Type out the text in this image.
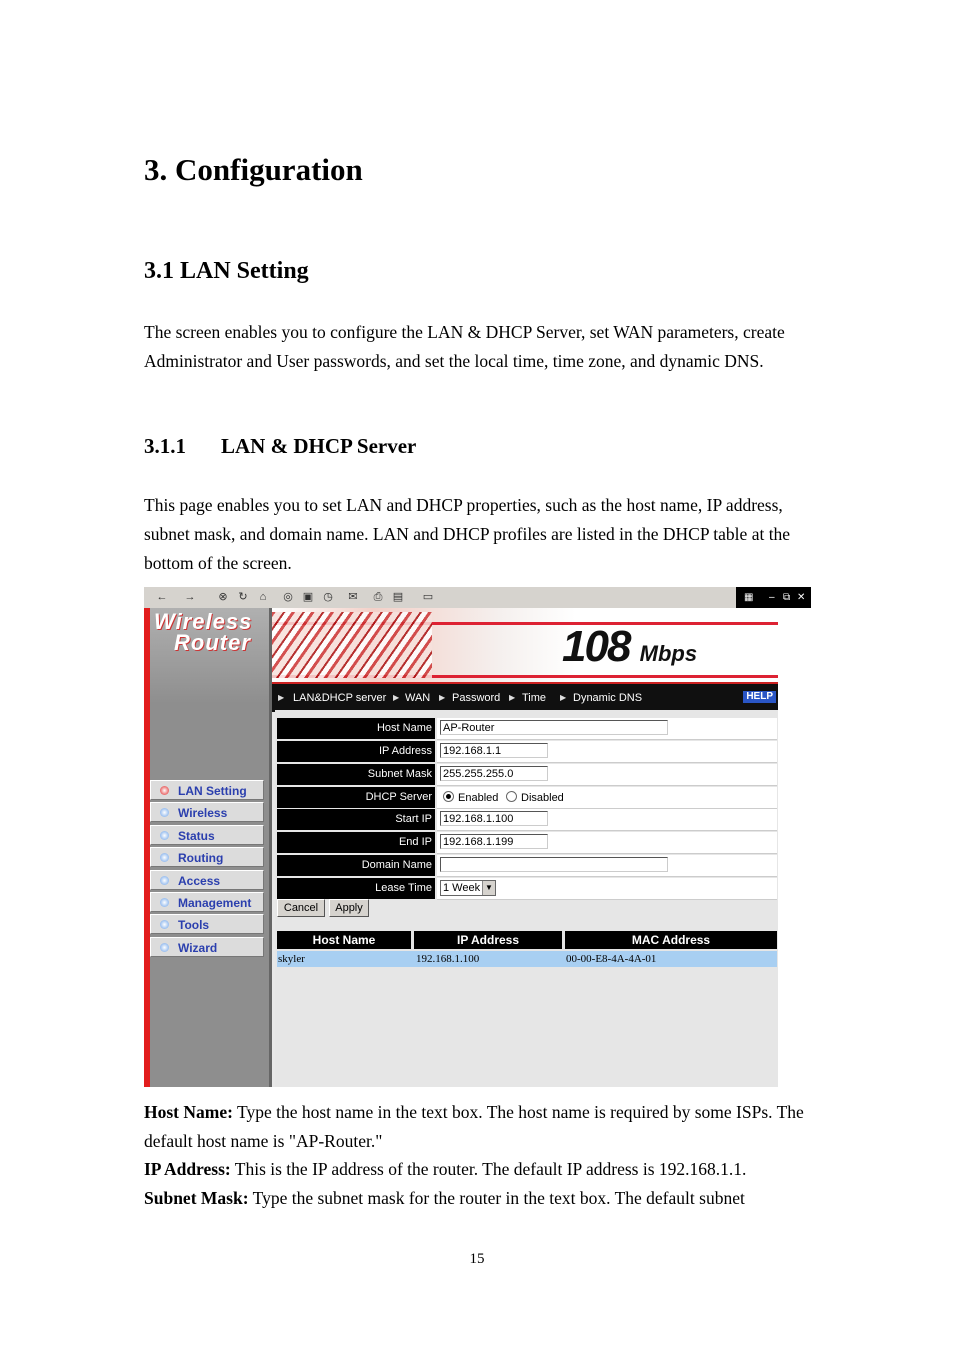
3. Configuration
3.1 LAN Setting

The screen enables you to configure the LAN & DHCP Server, set WAN parameters, create Administrator and User passwords, and set the local time, time zone, and dynamic DNS.

3.1.1 LAN & DHCP Server

This page enables you to set LAN and DHCP properties, such as the host name, IP address, subnet mask, and domain name. LAN and DHCP profiles are listed in the DHCP table at the bottom of the screen.

← → ⊗ ↻ ⌂ ◎ ▣ ◷ ✉ ⎙ ▤ ▭	▦ – ⧉ ✕
Wireless
Router
LAN Setting
Wireless
Status
Routing
Access
Management
Tools
Wizard
108 Mbps
▶ LAN&DHCP server ▶ WAN ▶ Password ▶ Time ▶ Dynamic DNS	HELP
Host Name AP-Router
IP Address 192.168.1.1
Subnet Mask 255.255.255.0
DHCP Server	Enabled	Disabled
Start IP 192.168.1.100
End IP 192.168.1.199
Domain Name
Lease Time 1 Week ▼
Cancel	Apply
Host Name	IP Address	MAC Address
skyler	192.168.1.100	00-00-E8-4A-4A-01

Host Name: Type the host name in the text box. The host name is required by some ISPs. The default host name is "AP-Router."
IP Address: This is the IP address of the router. The default IP address is 192.168.1.1.
Subnet Mask: Type the subnet mask for the router in the text box. The default subnet

15
